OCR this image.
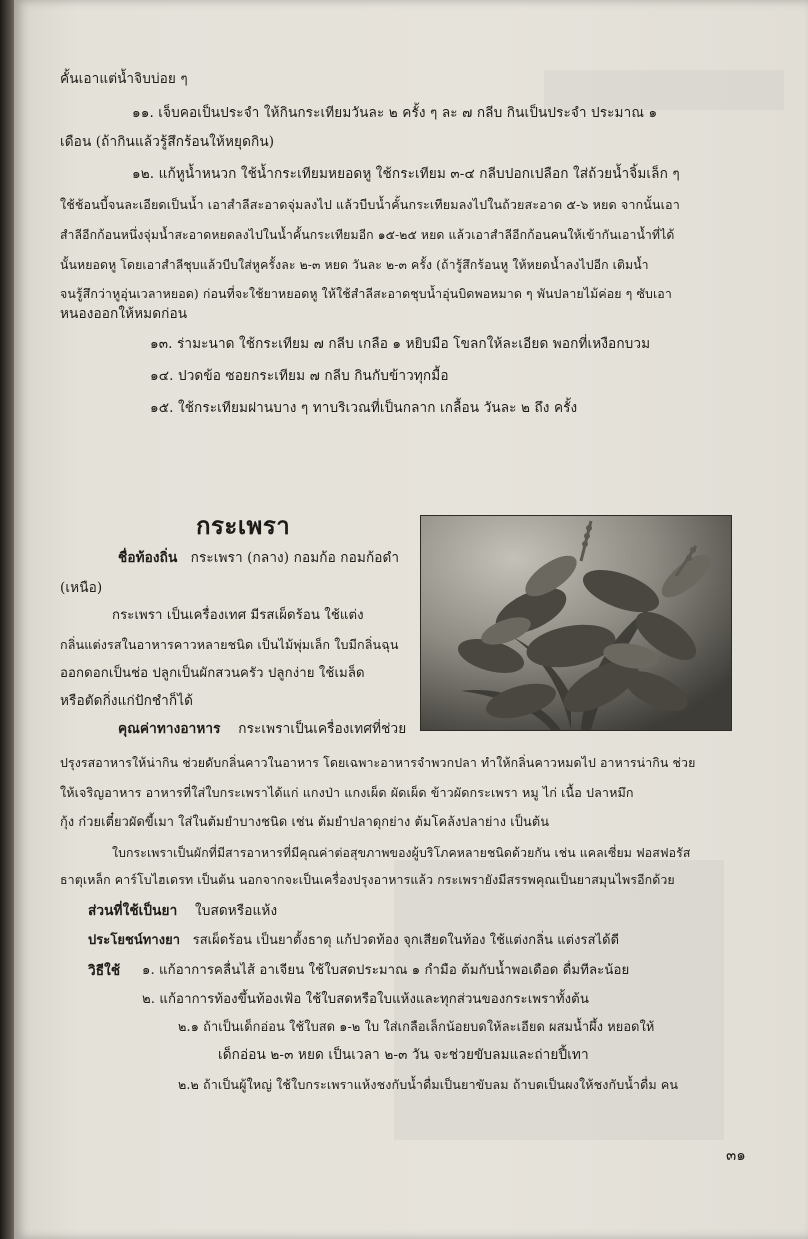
คั้นเอาแต่น้ำจิบบ่อย ๆ
๑๑. เจ็บคอเป็นประจำ ให้กินกระเทียมวันละ ๒ ครั้ง ๆ ละ ๗ กลีบ กินเป็นประจำ ประมาณ ๑
เดือน (ถ้ากินแล้วรู้สึกร้อนให้หยุดกิน)
๑๒. แก้หูน้ำหนวก ใช้น้ำกระเทียมหยอดหู ใช้กระเทียม ๓-๔ กลีบปอกเปลือก ใส่ถ้วยน้ำจิ้มเล็ก ๆ
ใช้ช้อนบี้จนละเอียดเป็นน้ำ เอาสำลีสะอาดจุ่มลงไป แล้วบีบน้ำคั้นกระเทียมลงไปในถ้วยสะอาด ๕-๖ หยด จากนั้นเอา
สำลีอีกก้อนหนึ่งจุ่มน้ำสะอาดหยดลงไปในน้ำคั้นกระเทียมอีก ๑๕-๒๕ หยด แล้วเอาสำลีอีกก้อนคนให้เข้ากันเอาน้ำที่ได้
นั้นหยอดหู โดยเอาสำลีชุบแล้วบีบใส่หูครั้งละ ๒-๓ หยด วันละ ๒-๓ ครั้ง (ถ้ารู้สึกร้อนหู ให้หยดน้ำลงไปอีก เติมน้ำ
จนรู้สึกว่าหูอุ่นเวลาหยอด) ก่อนที่จะใช้ยาหยอดหู ให้ใช้สำลีสะอาดชุบน้ำอุ่นบิดพอหมาด ๆ พันปลายไม้ค่อย ๆ ซับเอา
หนองออกให้หมดก่อน
๑๓. ร่ามะนาด ใช้กระเทียม ๗ กลีบ เกลือ ๑ หยิบมือ โขลกให้ละเอียด พอกที่เหงือกบวม
๑๔. ปวดข้อ ซอยกระเทียม ๗ กลีบ กินกับข้าวทุกมื้อ
๑๕. ใช้กระเทียมฝานบาง ๆ ทาบริเวณที่เป็นกลาก เกลื้อน วันละ ๒ ถึง ครั้ง
กระเพรา
ชื่อท้องถิ่น กระเพรา (กลาง) กอมก้อ กอมก้อดำ
(เหนือ)
กระเพรา เป็นเครื่องเทศ มีรสเผ็ดร้อน ใช้แต่ง
กลิ่นแต่งรสในอาหารคาวหลายชนิด เป็นไม้พุ่มเล็ก ใบมีกลิ่นฉุน
ออกดอกเป็นช่อ ปลูกเป็นผักสวนครัว ปลูกง่าย ใช้เมล็ด
หรือตัดกิ่งแก่ปักชำก็ได้
คุณค่าทางอาหาร กระเพราเป็นเครื่องเทศที่ช่วย
ปรุงรสอาหารให้น่ากิน ช่วยดับกลิ่นคาวในอาหาร โดยเฉพาะอาหารจำพวกปลา ทำให้กลิ่นคาวหมดไป อาหารน่ากิน ช่วย
ให้เจริญอาหาร อาหารที่ใส่ใบกระเพราได้แก่ แกงป่า แกงเผ็ด ผัดเผ็ด ข้าวผัดกระเพรา หมู ไก่ เนื้อ ปลาหมึก
กุ้ง ก๋วยเตี๋ยวผัดขี้เมา ใส่ในต้มยำบางชนิด เช่น ต้มยำปลาดุกย่าง ต้มโคล้งปลาย่าง เป็นต้น
ใบกระเพราเป็นผักที่มีสารอาหารที่มีคุณค่าต่อสุขภาพของผู้บริโภคหลายชนิดด้วยกัน เช่น แคลเซี่ยม ฟอสฟอรัส
ธาตุเหล็ก คาร์โบไฮเดรท เป็นต้น นอกจากจะเป็นเครื่องปรุงอาหารแล้ว กระเพรายังมีสรรพคุณเป็นยาสมุนไพรอีกด้วย
ส่วนที่ใช้เป็นยา ใบสดหรือแห้ง
ประโยชน์ทางยา รสเผ็ดร้อน เป็นยาตั้งธาตุ แก้ปวดท้อง จุกเสียดในท้อง ใช้แต่งกลิ่น แต่งรสได้ดี
วิธีใช้ ๑. แก้อาการคลื่นไส้ อาเจียน ใช้ใบสดประมาณ ๑ กำมือ ต้มกับน้ำพอเดือด ดื่มทีละน้อย
๒. แก้อาการท้องขึ้นท้องเฟ้อ ใช้ใบสดหรือใบแห้งและทุกส่วนของกระเพราทั้งต้น
๒.๑ ถ้าเป็นเด็กอ่อน ใช้ใบสด ๑-๒ ใบ ใส่เกลือเล็กน้อยบดให้ละเอียด ผสมน้ำผึ้ง หยอดให้
เด็กอ่อน ๒-๓ หยด เป็นเวลา ๒-๓ วัน จะช่วยขับลมและถ่ายปี้เทา
๒.๒ ถ้าเป็นผู้ใหญ่ ใช้ใบกระเพราแห้งชงกับน้ำดื่มเป็นยาขับลม ถ้าบดเป็นผงให้ชงกับน้ำดื่ม คน
๓๑
